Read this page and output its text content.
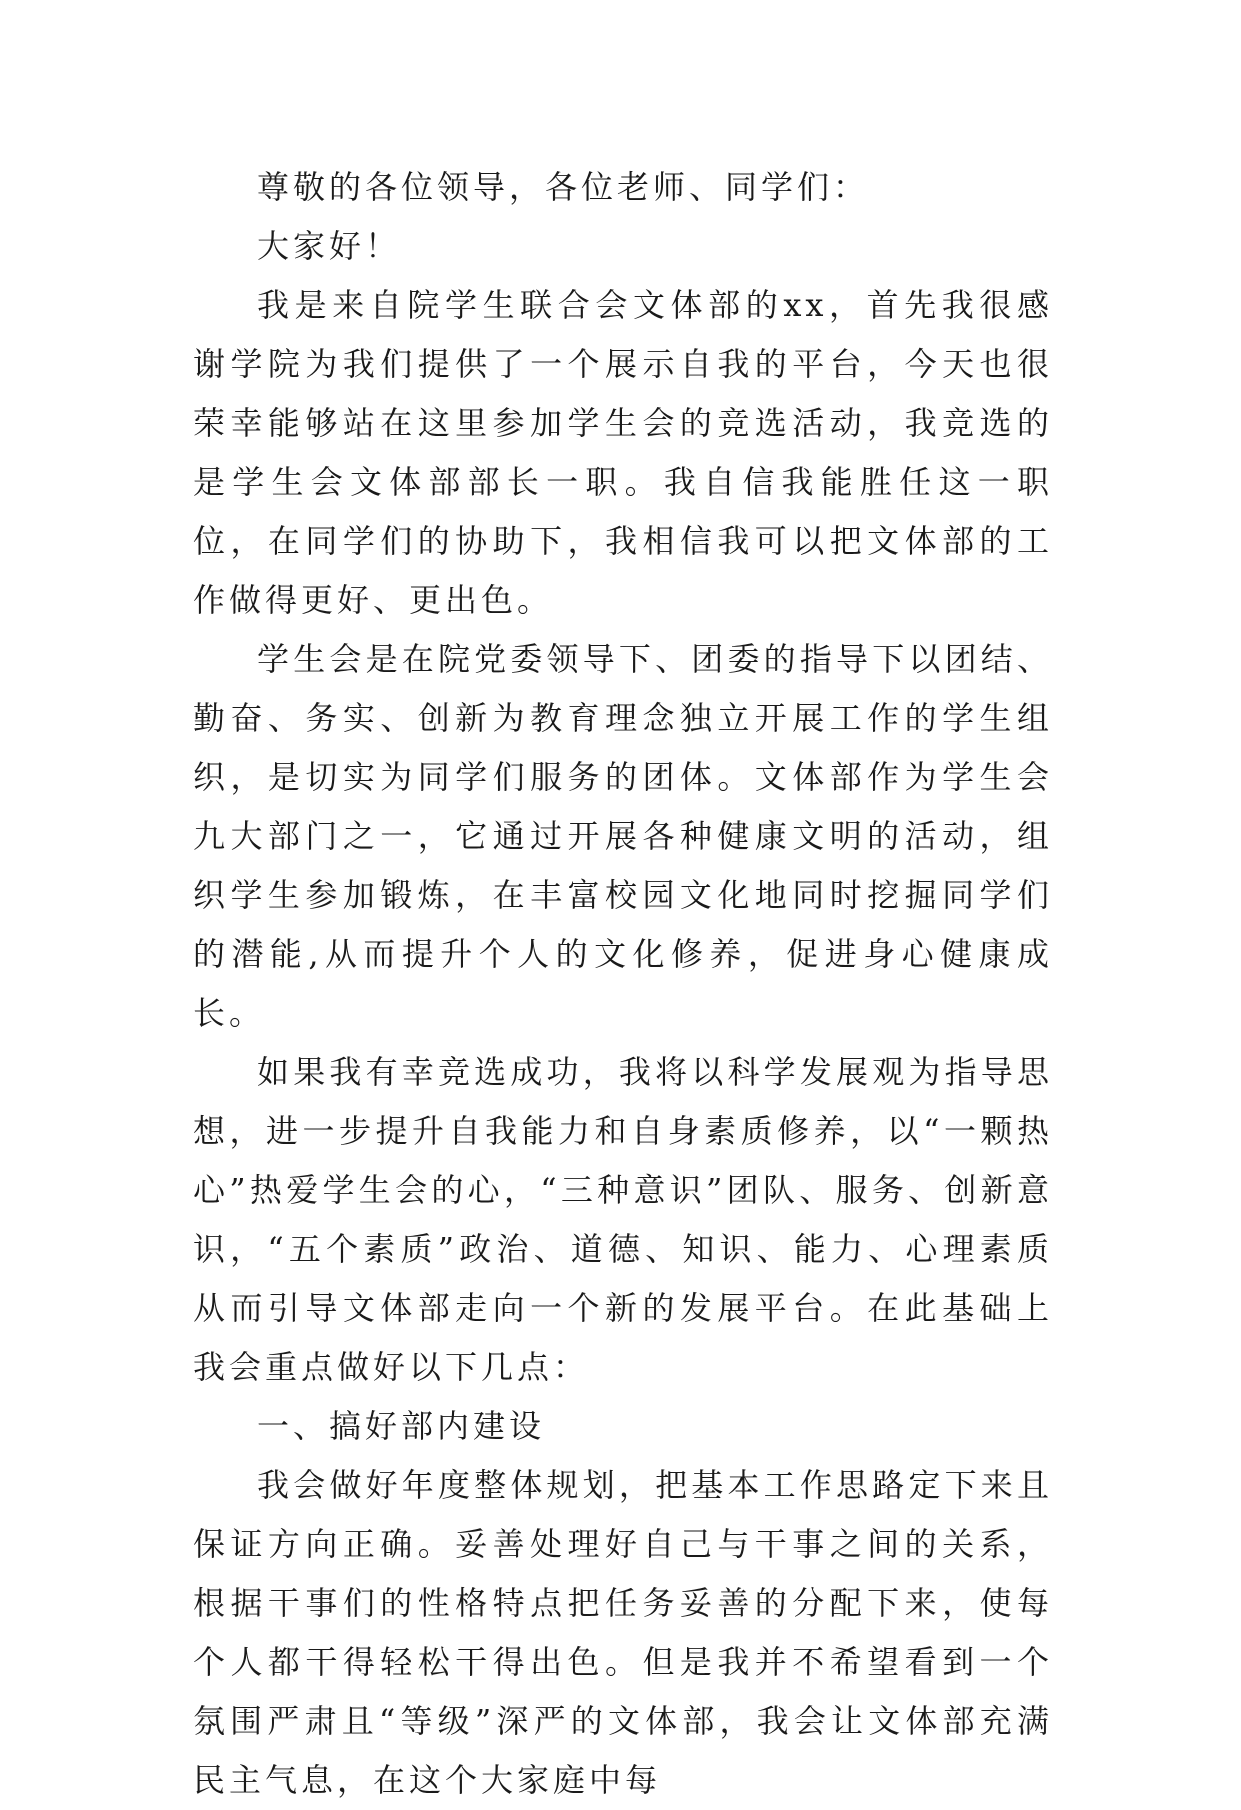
尊敬的各位领导，各位老师、同学们：

大家好！

我是来自院学生联合会文体部的xx，首先我很感谢学院为我们提供了一个展示自我的平台，今天也很荣幸能够站在这里参加学生会的竞选活动，我竞选的是学生会文体部部长一职。我自信我能胜任这一职位，在同学们的协助下，我相信我可以把文体部的工作做得更好、更出色。

学生会是在院党委领导下、团委的指导下以团结、勤奋、务实、创新为教育理念独立开展工作的学生组织，是切实为同学们服务的团体。文体部作为学生会九大部门之一，它通过开展各种健康文明的活动，组织学生参加锻炼，在丰富校园文化地同时挖掘同学们的潜能,从而提升个人的文化修养，促进身心健康成长。

如果我有幸竞选成功，我将以科学发展观为指导思想，进一步提升自我能力和自身素质修养，以“一颗热心”热爱学生会的心，“三种意识”团队、服务、创新意识，“五个素质”政治、道德、知识、能力、心理素质从而引导文体部走向一个新的发展平台。在此基础上我会重点做好以下几点：

一、搞好部内建设

我会做好年度整体规划，把基本工作思路定下来且保证方向正确。妥善处理好自己与干事之间的关系，根据干事们的性格特点把任务妥善的分配下来，使每个人都干得轻松干得出色。但是我并不希望看到一个氛围严肃且“等级”深严的文体部，我会让文体部充满民主气息，在这个大家庭中每
